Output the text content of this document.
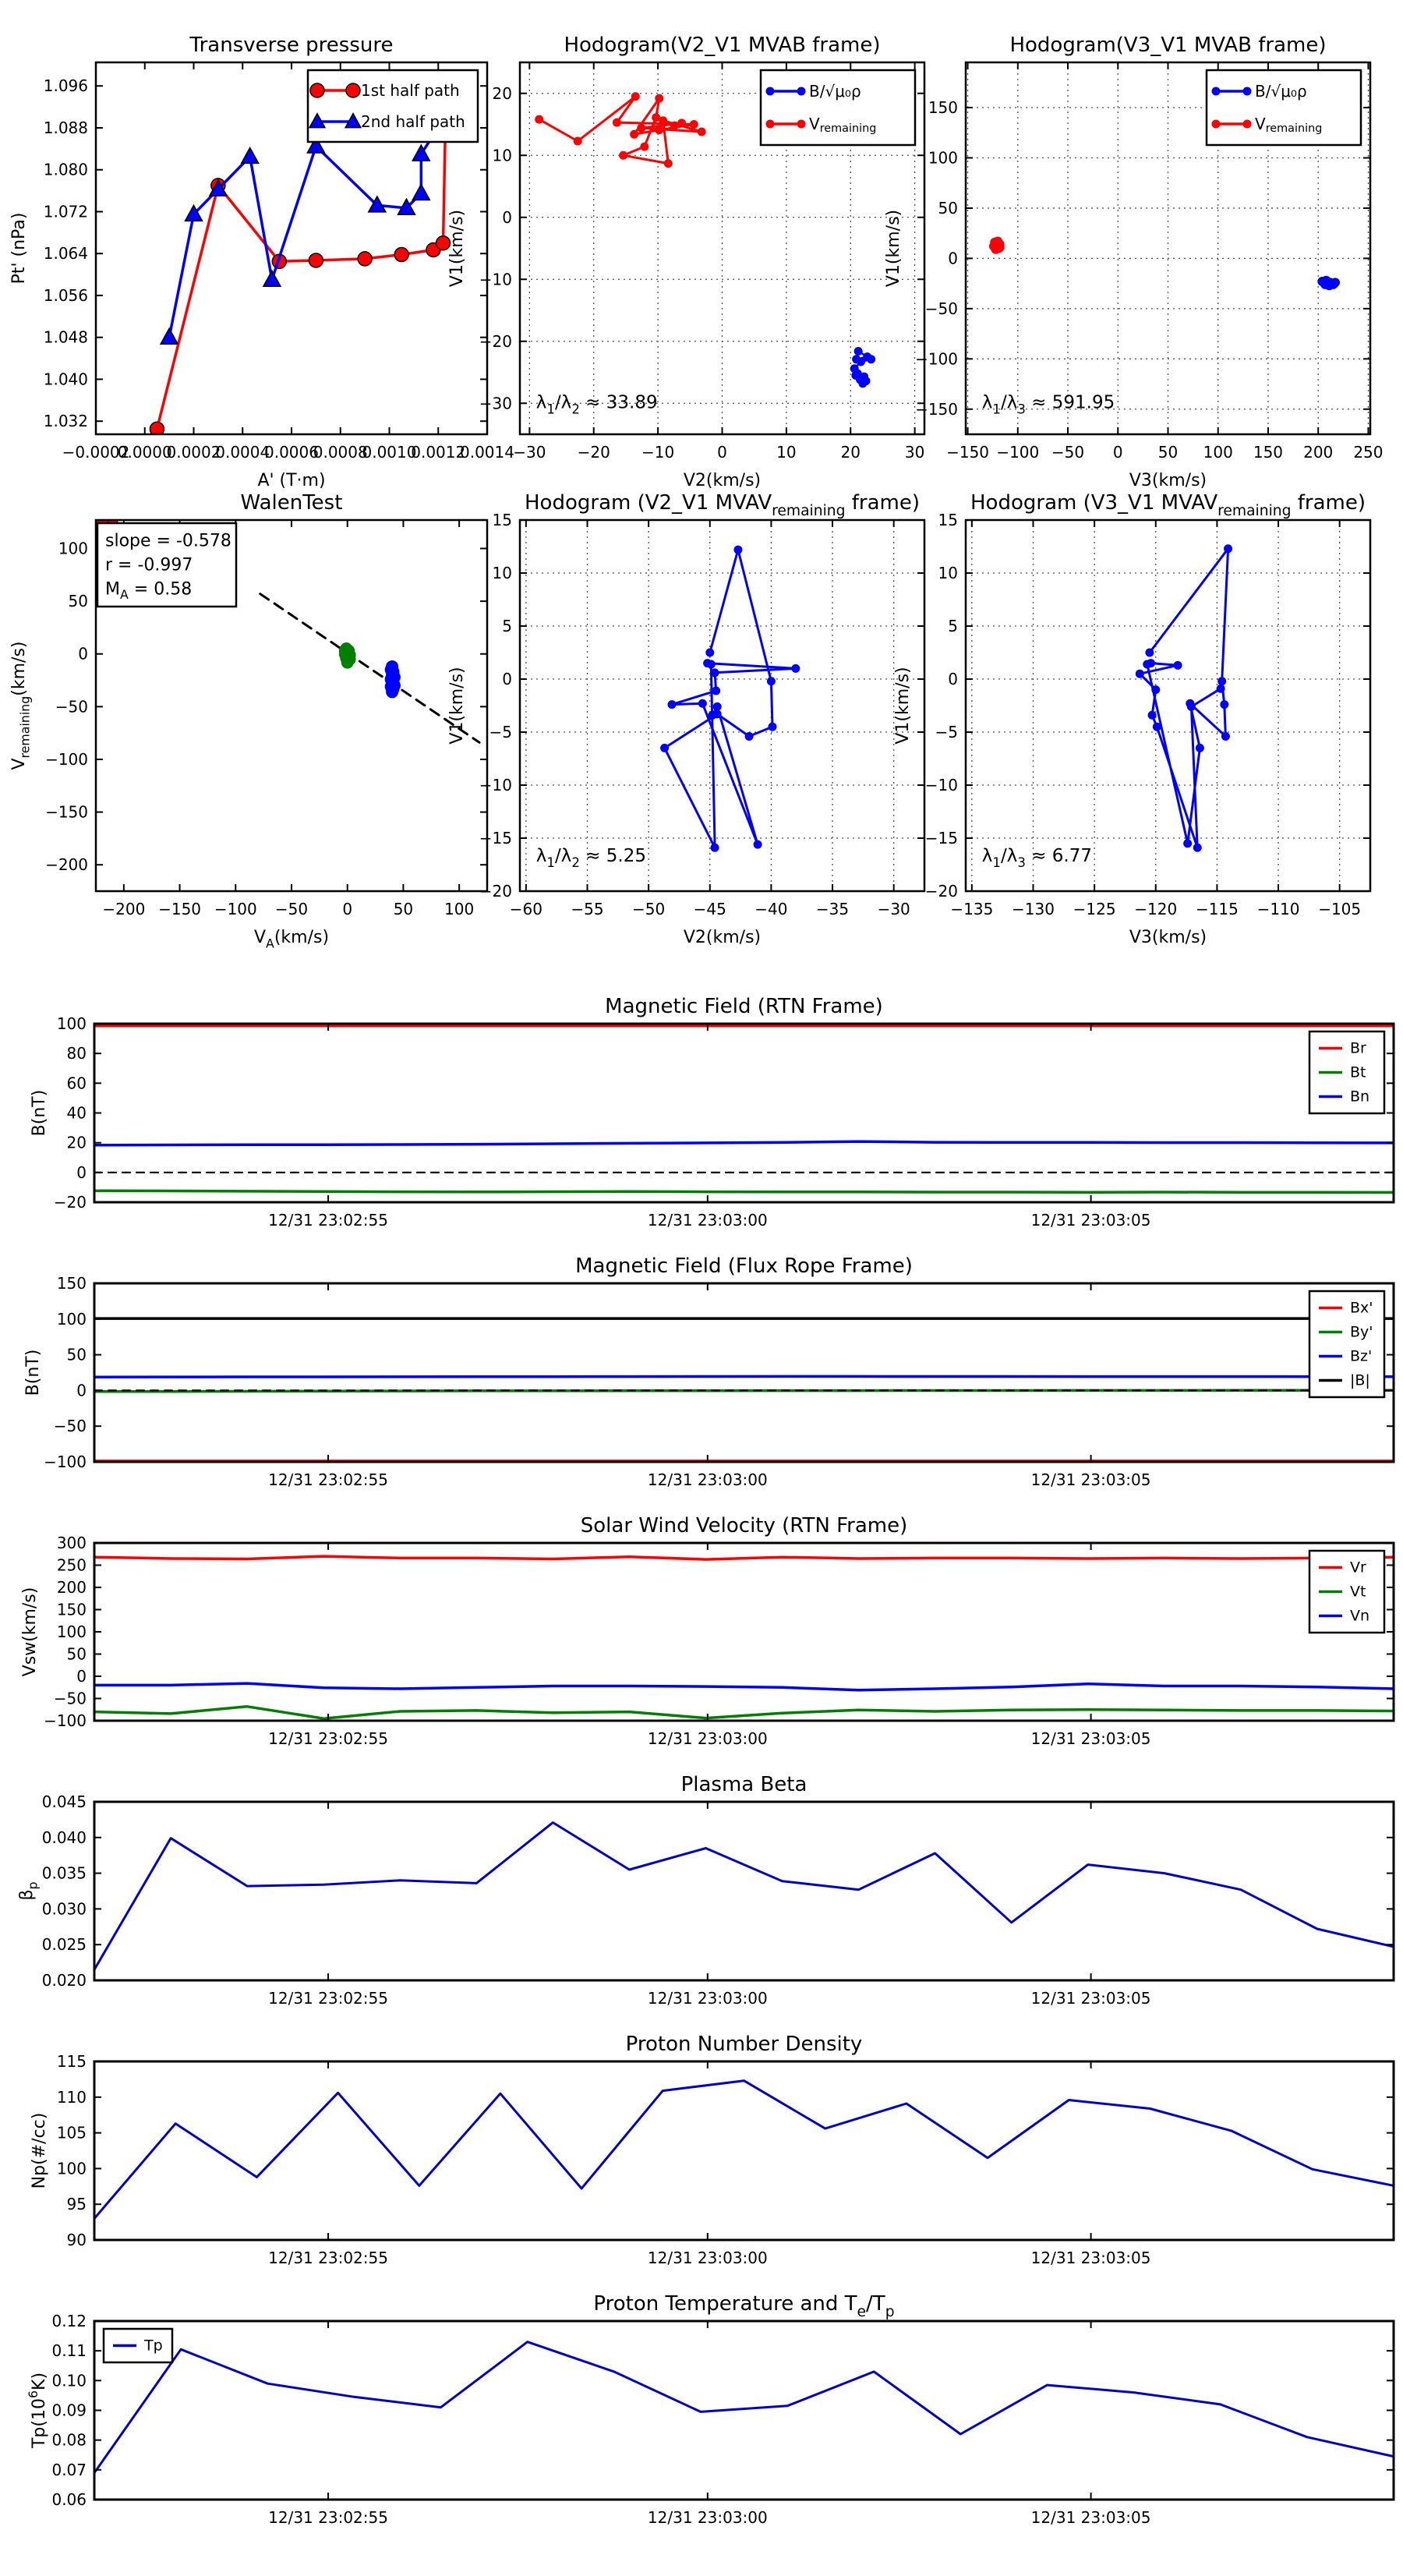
−0.0002
0.0000
0.0002
0.0004
0.0006
0.0008
0.0010
0.0012
0.0014
1.032
1.040
1.048
1.056
1.064
1.072
1.080
1.088
1.096
Transverse pressure
A' (T·m)
Pt' (nPa)
1st half path
2nd half path
−30 −20 −10	0	10	20	30
−30
−20
−10
0
10
20
Hodogram(V2_V1 MVAB frame)
V2(km/s)
V1(km/s)
B/√μ₀ρ
$V_{remaining}$
$\lambda_1/\lambda_2 \approx 33.89$
−150 −100 −50 0 50 100 150 200 250
−150
−100
−50
0
50
100
150
Hodogram(V3_V1 MVAB frame)
V3(km/s)
V1(km/s)
B/√μ₀ρ
$V_{remaining}$
$\lambda_1/\lambda_3 \approx 591.95$
−200 −150 −100 −50 0	50 100
−200
−150
−100
−50
0
50
100
WalenTest
$V_A(km/s)$
$V_{remaining}(km/s)$
slope = -0.578
r = -0.997
$M_A = 0.58$
−60 −55 −50 −45 −40 −35 −30
−20
−15
−10
−5
0
5
10
15
Hodogram (V2_V1 $MVAV_{remaining}$ frame)
V2(km/s)
V1(km/s)
$\lambda_1/\lambda_2 \approx 5.25$
−135 −130 −125 −120 −115 −110 −105
−20
−15
−10
−5
0
5
10
15
Hodogram (V3_V1 $MVAV_{remaining}$ frame)
V3(km/s)
V1(km/s)
$\lambda_1/\lambda_3 \approx 6.77$
12/31 23:02:55	12/31 23:03:00	12/31 23:03:05
−20
0
20
40
60
80
100
Magnetic Field (RTN Frame)
B(nT)
Br
Bt
Bn
12/31 23:02:55	12/31 23:03:00	12/31 23:03:05
−100
−50
0
50
100
150
Magnetic Field (Flux Rope Frame)
B(nT)
Bx'
By'
Bz'
|B|
12/31 23:02:55	12/31 23:03:00	12/31 23:03:05
−100
−50
0
50
100
150
200
250
300
Solar Wind Velocity (RTN Frame)
Vsw(km/s)
Vr
Vt
Vn
12/31 23:02:55	12/31 23:03:00	12/31 23:03:05
0.020
0.025
0.030
0.035
0.040
0.045
Plasma Beta
$\beta_p$
12/31 23:02:55	12/31 23:03:00	12/31 23:03:05
90
95
100
105
110
115
Proton Number Density
Np(#/cc)
12/31 23:02:55	12/31 23:03:00	12/31 23:03:05
0.06
0.07
0.08
0.09
0.10
0.11
0.12
Proton Temperature and $T_e/T_p$
$Tp(10^6K)$
Tp
